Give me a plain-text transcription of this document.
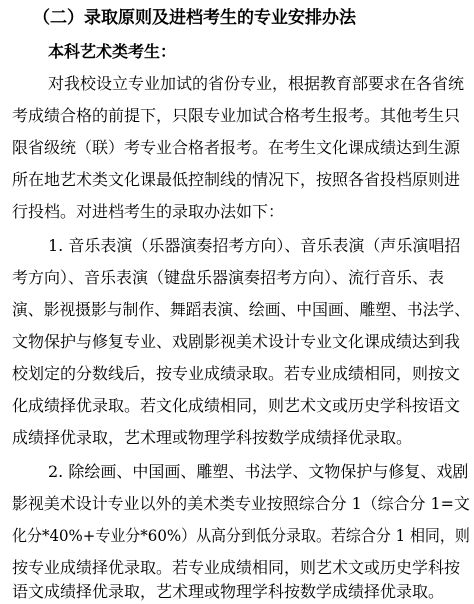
（二）录取原则及进档考生的专业安排办法
本科艺术类考生：
对我校设立专业加试的省份专业，根据教育部要求在各省统
考成绩合格的前提下，只限专业加试合格考生报考。其他考生只
限省级统（联）考专业合格者报考。在考生文化课成绩达到生源
所在地艺术类文化课最低控制线的情况下，按照各省投档原则进
行投档。对进档考生的录取办法如下：
1. 音乐表演（乐器演奏招考方向）、音乐表演（声乐演唱招
考方向）、音乐表演（键盘乐器演奏招考方向）、流行音乐、表
演、影视摄影与制作、舞蹈表演、绘画、中国画、雕塑、书法学、
文物保护与修复专业、戏剧影视美术设计专业文化课成绩达到我
校划定的分数线后，按专业成绩录取。若专业成绩相同，则按文
化成绩择优录取。若文化成绩相同，则艺术文或历史学科按语文
成绩择优录取，艺术理或物理学科按数学成绩择优录取。
2. 除绘画、中国画、雕塑、书法学、文物保护与修复、戏剧
影视美术设计专业以外的美术类专业按照综合分 1（综合分 1=文
化分*40%+专业分*60%）从高分到低分录取。若综合分 1 相同，则
按专业成绩择优录取。若专业成绩相同，则艺术文或历史学科按
语文成绩择优录取，艺术理或物理学科按数学成绩择优录取。
